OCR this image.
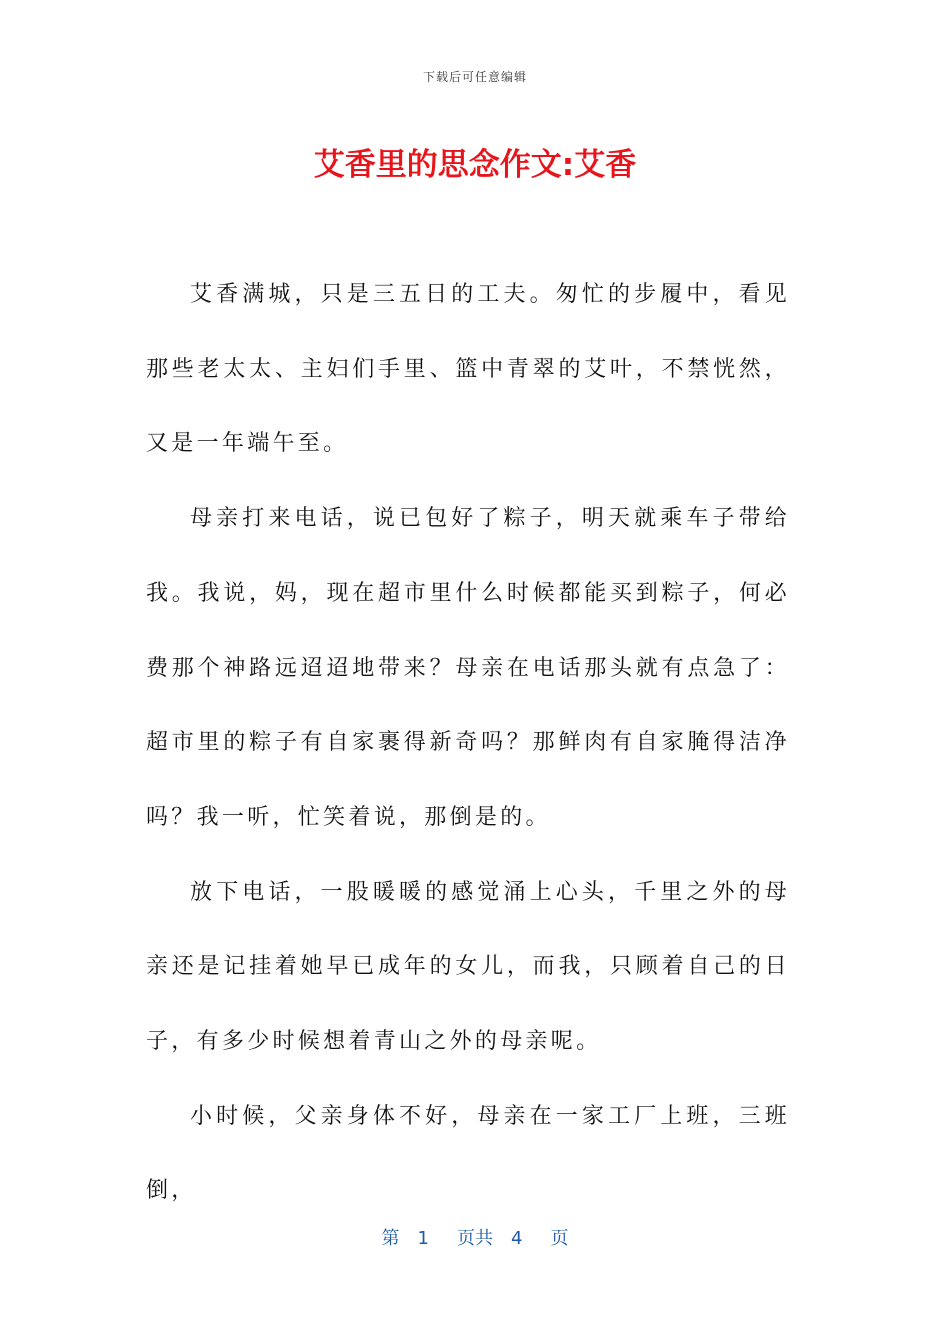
下载后可任意编辑
艾香里的思念作文:艾香

艾香满城，只是三五日的工夫。匆忙的步履中，看见那些老太太、主妇们手里、篮中青翠的艾叶，不禁恍然，又是一年端午至。

母亲打来电话，说已包好了粽子，明天就乘车子带给我。我说，妈，现在超市里什么时候都能买到粽子，何必费那个神路远迢迢地带来？母亲在电话那头就有点急了：超市里的粽子有自家裹得新奇吗？那鲜肉有自家腌得洁净吗？我一听，忙笑着说，那倒是的。

放下电话，一股暖暖的感觉涌上心头，千里之外的母亲还是记挂着她早已成年的女儿，而我，只顾着自己的日子，有多少时候想着青山之外的母亲呢。

小时候，父亲身体不好，母亲在一家工厂上班，三班倒，

第 1 页共 4 页
